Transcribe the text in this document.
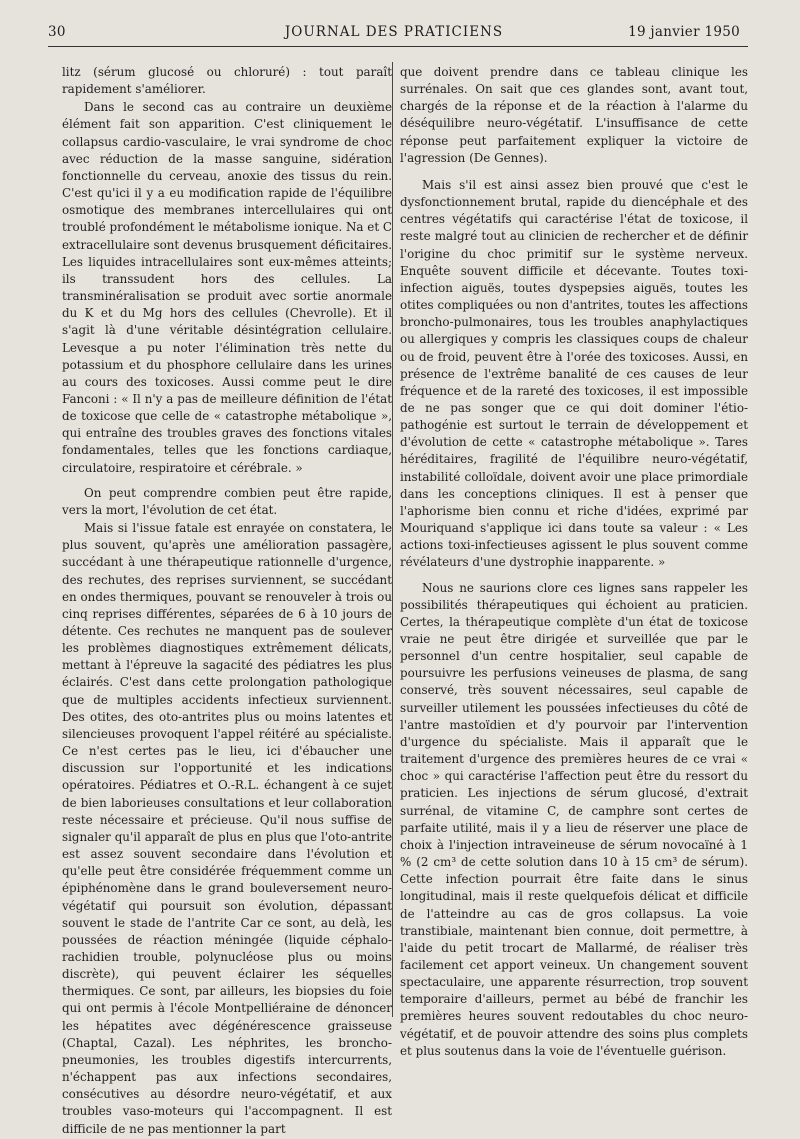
30	JOURNAL DES PRATICIENS	19 janvier 1950

litz (sérum glucosé ou chloruré) : tout paraît rapidement s'améliorer.

Dans le second cas au contraire un deuxième élément fait son apparition. C'est cliniquement le collapsus cardio-vasculaire, le vrai syndrome de choc avec réduction de la masse sanguine, sidération fonctionnelle du cerveau, anoxie des tissus du rein. C'est qu'ici il y a eu modification rapide de l'équilibre osmotique des membranes intercellulaires qui ont troublé profondément le métabolisme ionique. Na et C extracellulaire sont devenus brusquement déficitaires. Les liquides intracellulaires sont eux-mêmes atteints; ils transsudent hors des cellules. La transminéralisation se produit avec sortie anormale du K et du Mg hors des cellules (Chevrolle). Et il s'agit là d'une véritable désintégration cellulaire. Levesque a pu noter l'élimination très nette du potassium et du phosphore cellulaire dans les urines au cours des toxicoses. Aussi comme peut le dire Fanconi : « Il n'y a pas de meilleure définition de l'état de toxicose que celle de « catastrophe métabolique », qui entraîne des troubles graves des fonctions vitales fondamentales, telles que les fonctions cardiaque, circulatoire, respiratoire et cérébrale. »

On peut comprendre combien peut être rapide, vers la mort, l'évolution de cet état.

Mais si l'issue fatale est enrayée on constatera, le plus souvent, qu'après une amélioration passagère, succédant à une thérapeutique rationnelle d'urgence, des rechutes, des reprises surviennent, se succédant en ondes thermiques, pouvant se renouveler à trois ou cinq reprises différentes, séparées de 6 à 10 jours de détente. Ces rechutes ne manquent pas de soulever les problèmes diagnostiques extrêmement délicats, mettant à l'épreuve la sagacité des pédiatres les plus éclairés. C'est dans cette prolongation pathologique que de multiples accidents infectieux surviennent. Des otites, des oto-antrites plus ou moins latentes et silencieuses provoquent l'appel réitéré au spécialiste. Ce n'est certes pas le lieu, ici d'ébaucher une discussion sur l'opportunité et les indications opératoires. Pédiatres et O.-R.L. échangent à ce sujet de bien laborieuses consultations et leur collaboration reste nécessaire et précieuse. Qu'il nous suffise de signaler qu'il apparaît de plus en plus que l'oto-antrite est assez souvent secondaire dans l'évolution et qu'elle peut être considérée fréquemment comme un épiphénomène dans le grand bouleversement neuro-végétatif qui poursuit son évolution, dépassant souvent le stade de l'antrite Car ce sont, au delà, les poussées de réaction méningée (liquide céphalo-rachidien trouble, polynucléose plus ou moins discrète), qui peuvent éclairer les séquelles thermiques. Ce sont, par ailleurs, les biopsies du foie qui ont permis à l'école Montpelliéraine de dénoncer les hépatites avec dégénérescence graisseuse (Chaptal, Cazal). Les néphrites, les broncho-pneumonies, les troubles digestifs intercurrents, n'échappent pas aux infections secondaires, consécutives au désordre neuro-végétatif, et aux troubles vaso-moteurs qui l'accompagnent. Il est difficile de ne pas mentionner la part

que doivent prendre dans ce tableau clinique les surrénales. On sait que ces glandes sont, avant tout, chargés de la réponse et de la réaction à l'alarme du déséquilibre neuro-végétatif. L'insuffisance de cette réponse peut parfaitement expliquer la victoire de l'agression (De Gennes).

Mais s'il est ainsi assez bien prouvé que c'est le dysfonctionnement brutal, rapide du diencéphale et des centres végétatifs qui caractérise l'état de toxicose, il reste malgré tout au clinicien de rechercher et de définir l'origine du choc primitif sur le système nerveux. Enquête souvent difficile et décevante. Toutes toxi-infection aiguës, toutes dyspepsies aiguës, toutes les otites compliquées ou non d'antrites, toutes les affections broncho-pulmonaires, tous les troubles anaphylactiques ou allergiques y compris les classiques coups de chaleur ou de froid, peuvent être à l'orée des toxicoses. Aussi, en présence de l'extrême banalité de ces causes de leur fréquence et de la rareté des toxicoses, il est impossible de ne pas songer que ce qui doit dominer l'étio-pathogénie est surtout le terrain de développement et d'évolution de cette « catastrophe métabolique ». Tares héréditaires, fragilité de l'équilibre neuro-végétatif, instabilité colloïdale, doivent avoir une place primordiale dans les conceptions cliniques. Il est à penser que l'aphorisme bien connu et riche d'idées, exprimé par Mouriquand s'applique ici dans toute sa valeur : « Les actions toxi-infectieuses agissent le plus souvent comme révélateurs d'une dystrophie inapparente. »

Nous ne saurions clore ces lignes sans rappeler les possibilités thérapeutiques qui échoient au praticien. Certes, la thérapeutique complète d'un état de toxicose vraie ne peut être dirigée et surveillée que par le personnel d'un centre hospitalier, seul capable de poursuivre les perfusions veineuses de plasma, de sang conservé, très souvent nécessaires, seul capable de surveiller utilement les poussées infectieuses du côté de l'antre mastoïdien et d'y pourvoir par l'intervention d'urgence du spécialiste. Mais il apparaît que le traitement d'urgence des premières heures de ce vrai « choc » qui caractérise l'affection peut être du ressort du praticien. Les injections de sérum glucosé, d'extrait surrénal, de vitamine C, de camphre sont certes de parfaite utilité, mais il y a lieu de réserver une place de choix à l'injection intraveineuse de sérum novocaïné à 1 % (2 cm³ de cette solution dans 10 à 15 cm³ de sérum). Cette infection pourrait être faite dans le sinus longitudinal, mais il reste quelquefois délicat et difficile de l'atteindre au cas de gros collapsus. La voie transtibiale, maintenant bien connue, doit permettre, à l'aide du petit trocart de Mallarmé, de réaliser très facilement cet apport veineux. Un changement souvent spectaculaire, une apparente résurrection, trop souvent temporaire d'ailleurs, permet au bébé de franchir les premières heures souvent redoutables du choc neuro-végétatif, et de pouvoir attendre des soins plus complets et plus soutenus dans la voie de l'éventuelle guérison.
